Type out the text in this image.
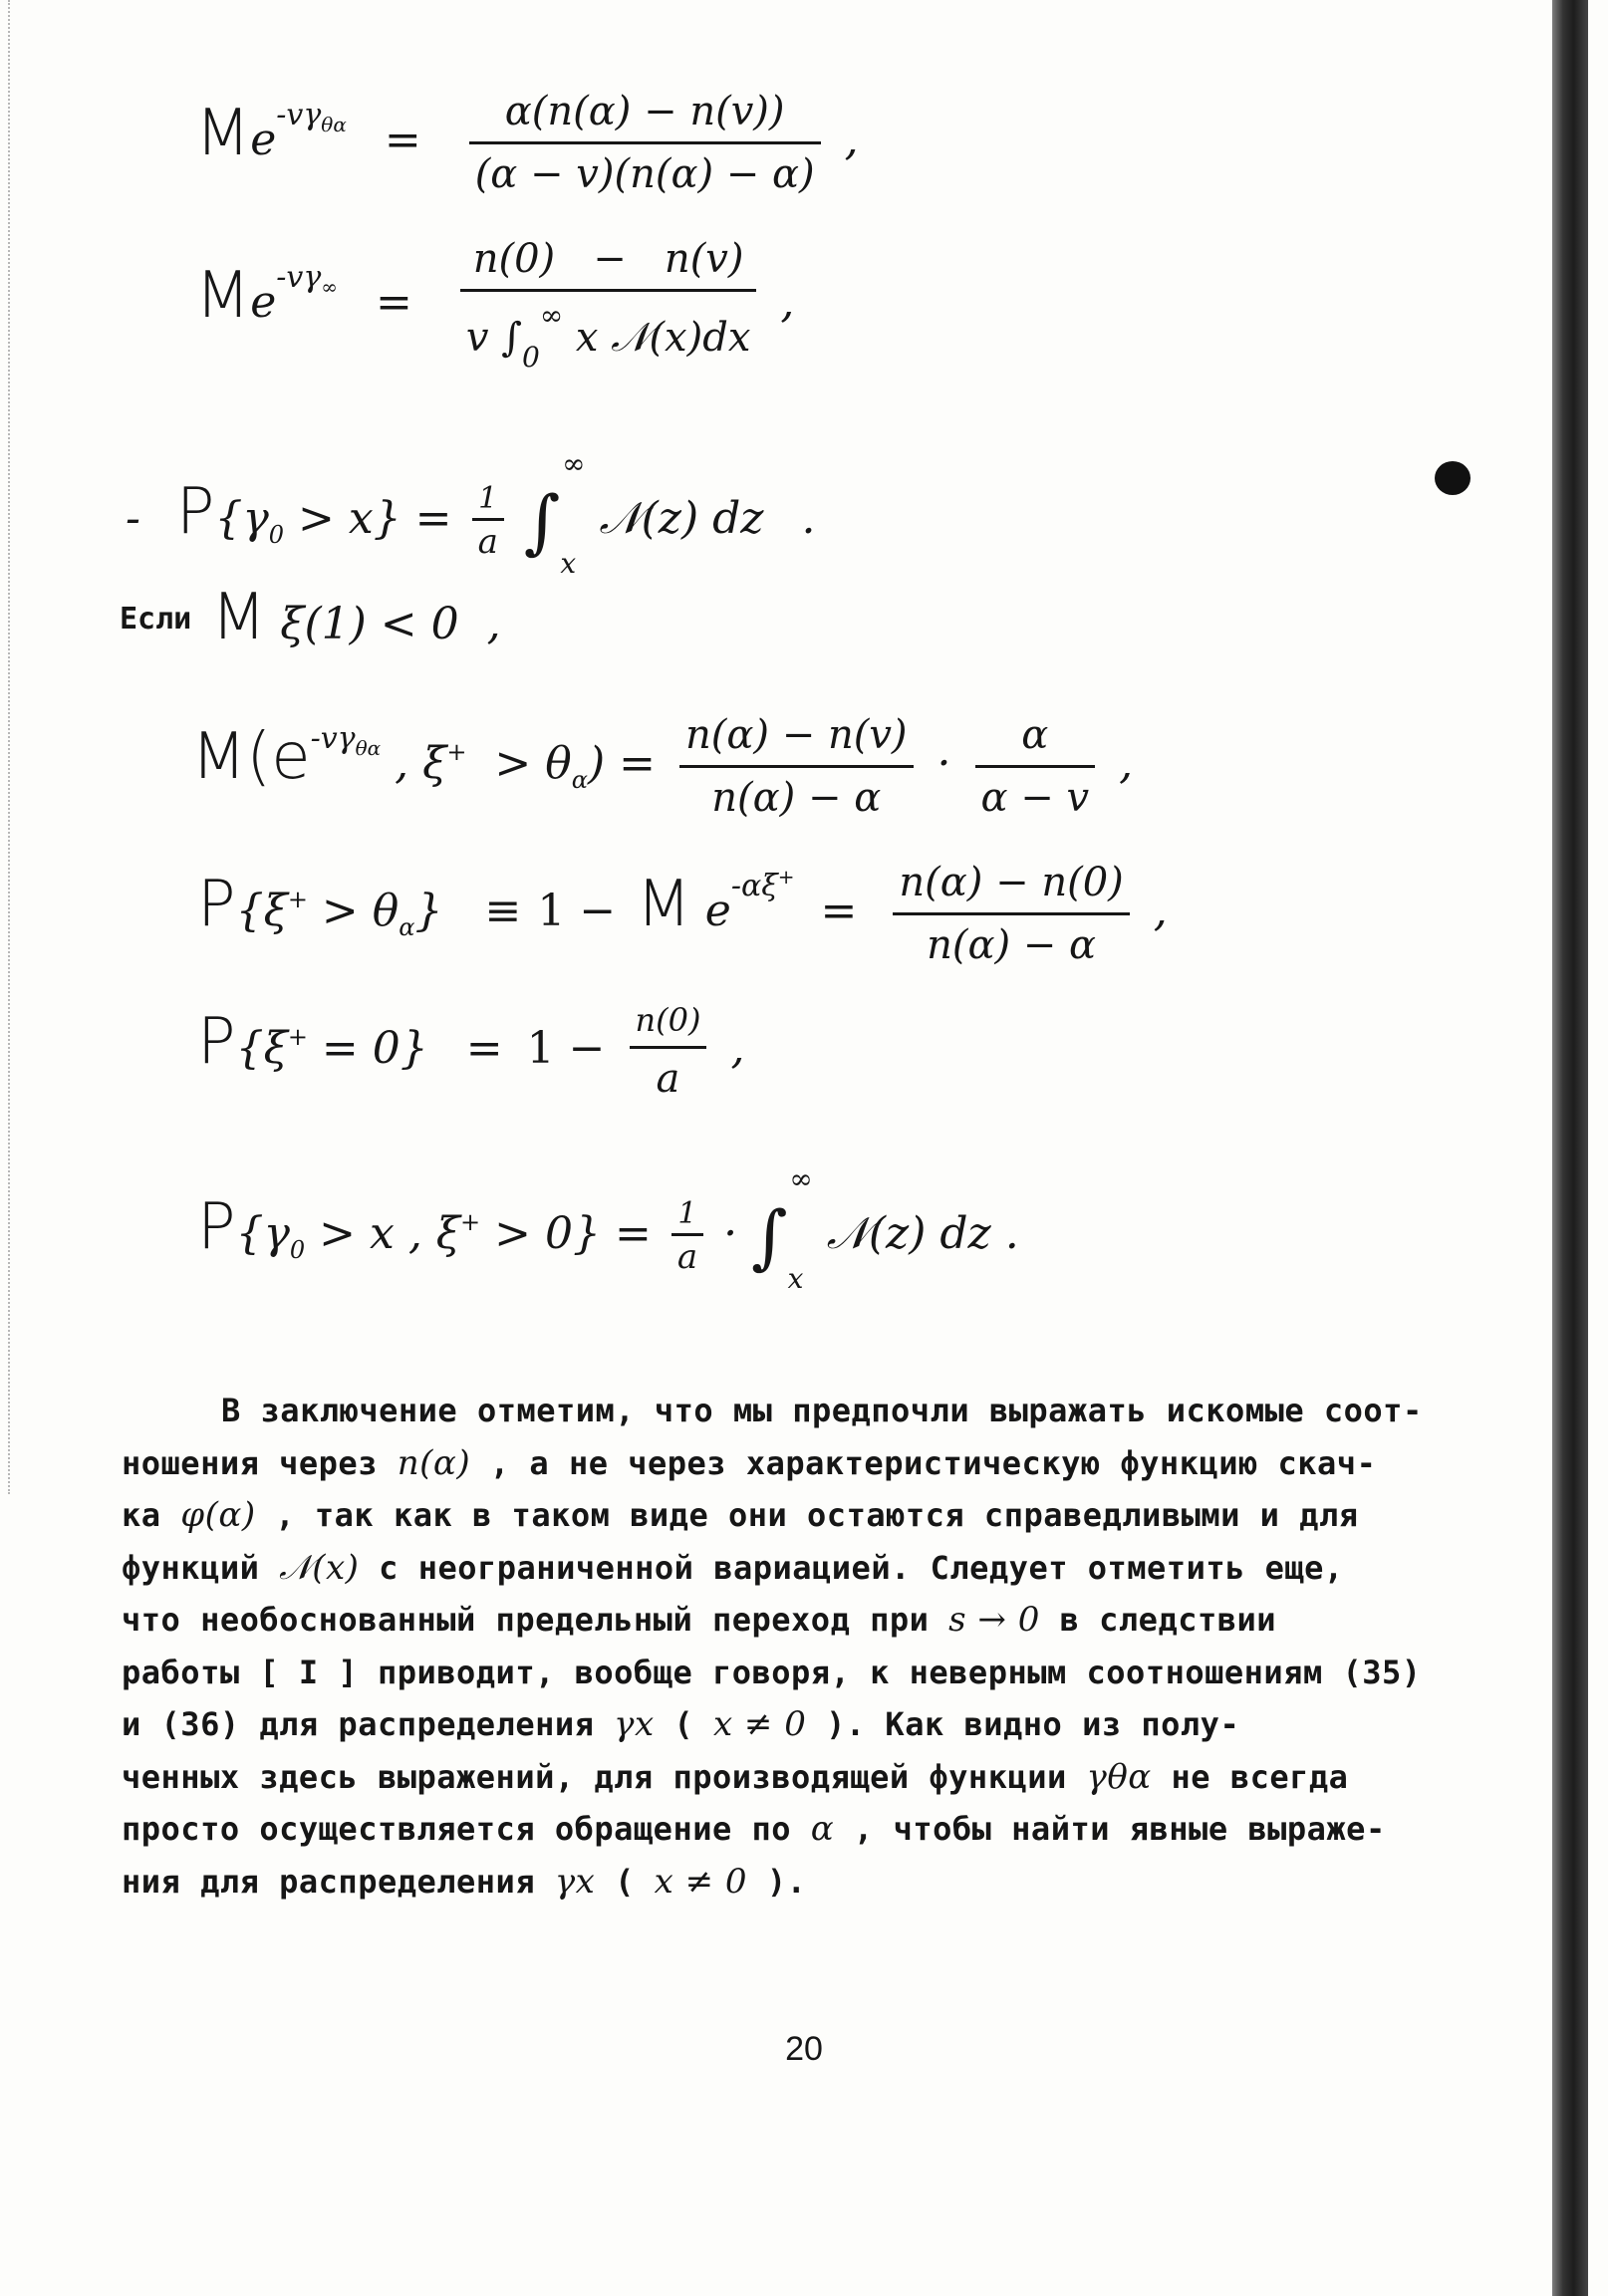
$Me^{-v\gamma_{\theta\alpha}} = \frac{\alpha(n(\alpha) - n(v))}{(\alpha - v)(n(\alpha) - \alpha)}$ ,
$Me^{-v\gamma_\infty} = \frac{n(0) - n(v)}{v \int_0^\infty x 𝒩(x)dx}$ ,
- $P\{\gamma_0 > x\} = \frac{1}{a} \int_x^\infty$ 𝒩(z) dz .
Если M ξ(1) < 0  ,
$M(e^{-v\gamma_{\theta\alpha}}$ , $\xi^+ > \theta_\alpha) = \frac{n(\alpha) - n(v)}{n(\alpha) - \alpha} \cdot \frac{\alpha}{\alpha - v}$ ,
$P\{\xi^+ > \theta_\alpha\} \equiv 1 - M$ $e^{-\alpha\xi^+} = \frac{n(\alpha) - n(0)}{n(\alpha) - \alpha}$ ,
$P\{\xi^+ = 0\} = 1 - \frac{n(0)}{a}$ ,
$P\{\gamma_0 > x$ , $\xi^+ > 0\} = \frac{1}{a} \cdot \int_x^\infty$ 𝒩(z) dz .

В заключение отметим, что мы предпочли выражать искомые соот-

ношения через n(α) , а не через характеристическую функцию скач-

ка φ(α) , так как в таком виде они остаются справедливыми и для

функций 𝒩(x) с неограниченной вариацией. Следует отметить еще,

что необоснованный предельный переход при s → 0 в следствии

работы [ I ] приводит, вообще говоря, к неверным соотношениям (35)

и (36) для распределения γx ( x ≠ 0 ). Как видно из полу-

ченных здесь выражений, для производящей функции γθα не всегда

просто осуществляется обращение по α , чтобы найти явные выраже-

ния для распределения γx ( x ≠ 0 ).

20
